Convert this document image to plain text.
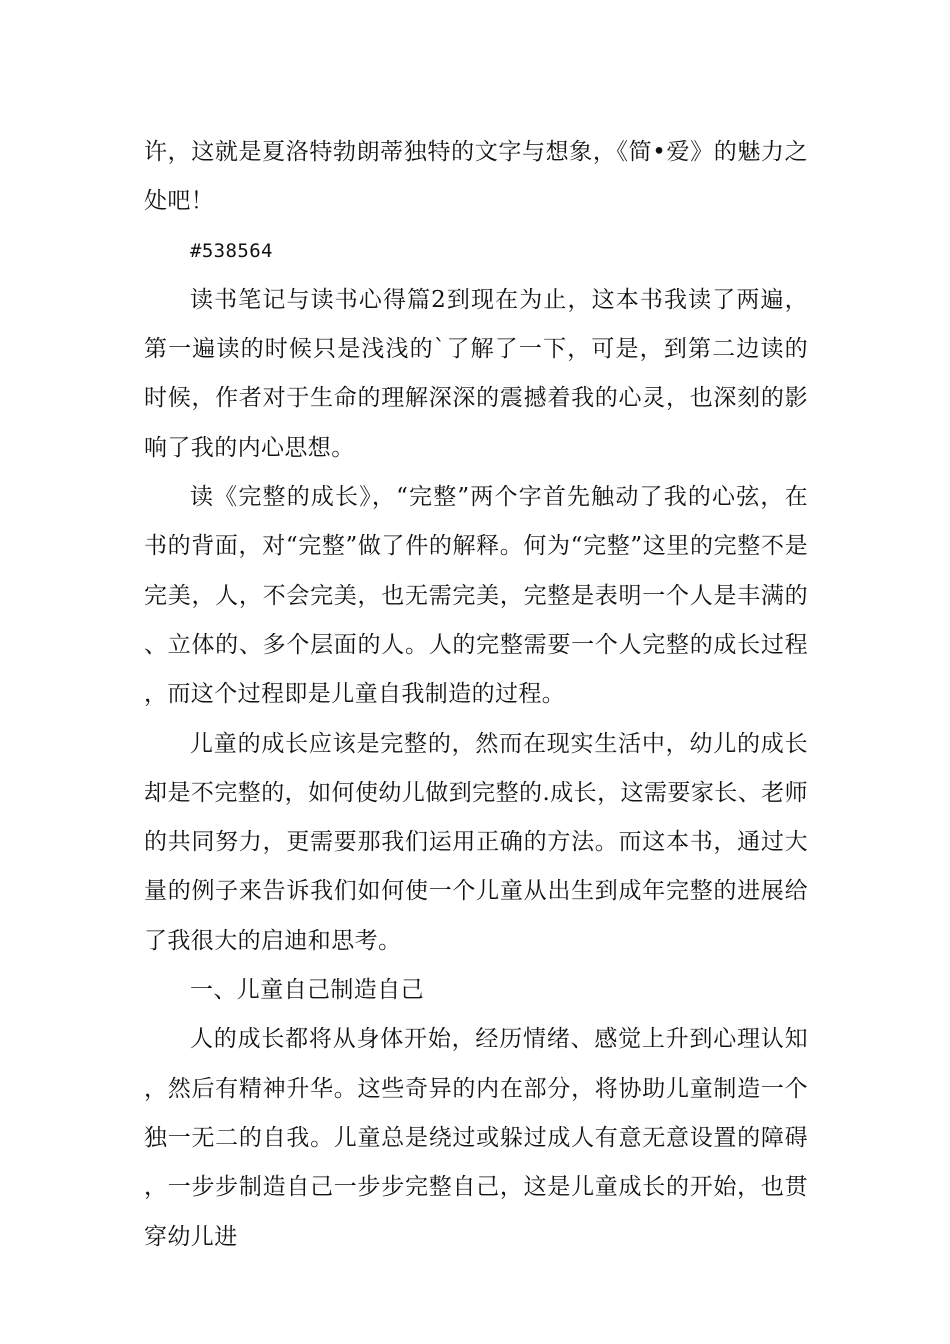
许，这就是夏洛特勃朗蒂独特的文字与想象，《简•爱》的魅力之处吧！

#538564

读书笔记与读书心得篇2到现在为止，这本书我读了两遍，第一遍读的时候只是浅浅的`了解了一下，可是，到第二边读的时候，作者对于生命的理解深深的震撼着我的心灵，也深刻的影响了我的内心思想。

读《完整的成长》，“完整”两个字首先触动了我的心弦，在书的背面，对“完整”做了件的解释。何为“完整”这里的完整不是完美，人，不会完美，也无需完美，完整是表明一个人是丰满的、立体的、多个层面的人。人的完整需要一个人完整的成长过程，而这个过程即是儿童自我制造的过程。

儿童的成长应该是完整的，然而在现实生活中，幼儿的成长却是不完整的，如何使幼儿做到完整的.成长，这需要家长、老师的共同努力，更需要那我们运用正确的方法。而这本书，通过大量的例子来告诉我们如何使一个儿童从出生到成年完整的进展给了我很大的启迪和思考。

一、儿童自己制造自己

人的成长都将从身体开始，经历情绪、感觉上升到心理认知，然后有精神升华。这些奇异的内在部分，将协助儿童制造一个独一无二的自我。儿童总是绕过或躲过成人有意无意设置的障碍，一步步制造自己一步步完整自己，这是儿童成长的开始，也贯穿幼儿进
